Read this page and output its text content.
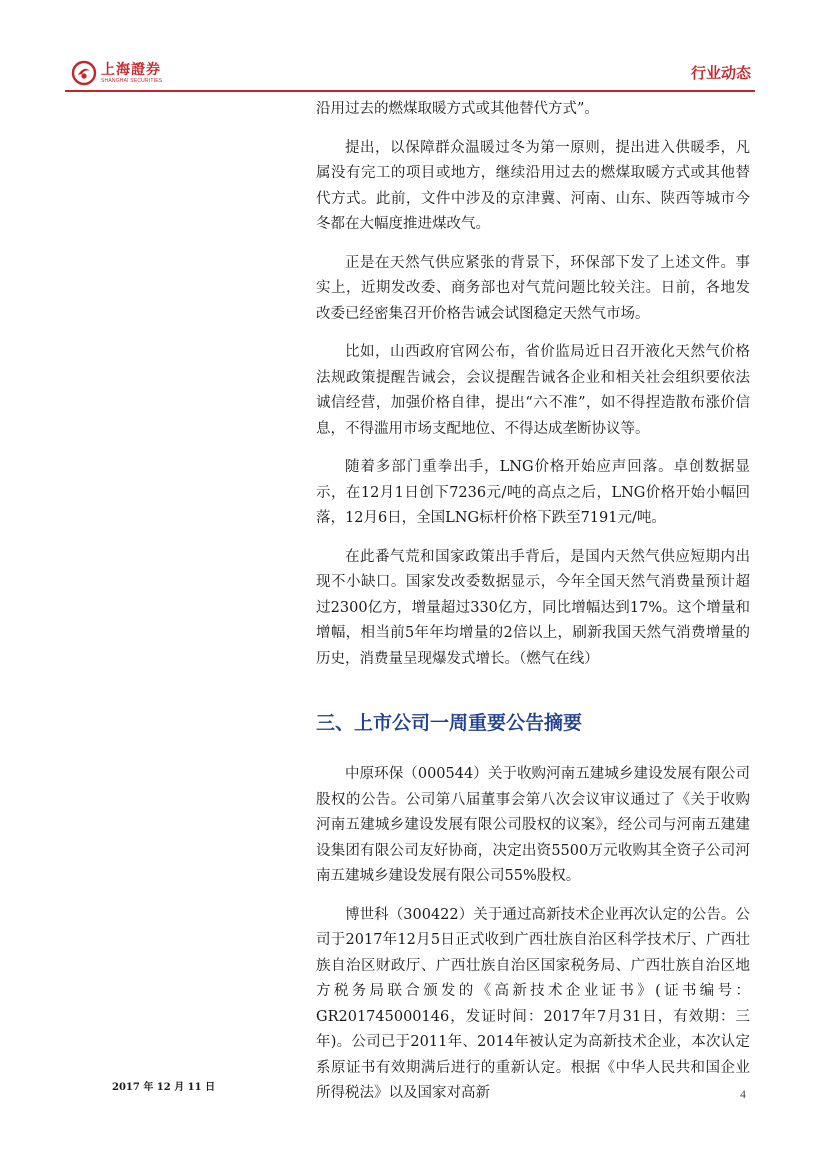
上海證券
SHANGHAI SECURITIES	行业动态

沿用过去的燃煤取暖方式或其他替代方式”。

提出，以保障群众温暖过冬为第一原则，提出进入供暖季，凡属没有完工的项目或地方，继续沿用过去的燃煤取暖方式或其他替代方式。此前，文件中涉及的京津冀、河南、山东、陕西等城市今冬都在大幅度推进煤改气。

正是在天然气供应紧张的背景下，环保部下发了上述文件。事实上，近期发改委、商务部也对气荒问题比较关注。日前，各地发改委已经密集召开价格告诫会试图稳定天然气市场。

比如，山西政府官网公布，省价监局近日召开液化天然气价格法规政策提醒告诫会，会议提醒告诫各企业和相关社会组织要依法诚信经营，加强价格自律，提出“六不准”，如不得捏造散布涨价信息，不得滥用市场支配地位、不得达成垄断协议等。

随着多部门重拳出手，LNG价格开始应声回落。卓创数据显示，在12月1日创下7236元/吨的高点之后，LNG价格开始小幅回落，12月6日，全国LNG标杆价格下跌至7191元/吨。

在此番气荒和国家政策出手背后，是国内天然气供应短期内出现不小缺口。国家发改委数据显示，今年全国天然气消费量预计超过2300亿方，增量超过330亿方，同比增幅达到17%。这个增量和增幅，相当前5年年均增量的2倍以上，刷新我国天然气消费增量的历史，消费量呈现爆发式增长。（燃气在线）

三、上市公司一周重要公告摘要

中原环保（000544）关于收购河南五建城乡建设发展有限公司股权的公告。公司第八届董事会第八次会议审议通过了《关于收购河南五建城乡建设发展有限公司股权的议案》，经公司与河南五建建设集团有限公司友好协商，决定出资5500万元收购其全资子公司河南五建城乡建设发展有限公司55%股权。

博世科（300422）关于通过高新技术企业再次认定的公告。公司于2017年12月5日正式收到广西壮族自治区科学技术厅、广西壮族自治区财政厅、广西壮族自治区国家税务局、广西壮族自治区地方税务局联合颁发的《高新技术企业证书》(证书编号：GR201745000146，发证时间：2017年7月31日，有效期：三年)。公司已于2011年、2014年被认定为高新技术企业，本次认定系原证书有效期满后进行的重新认定。根据《中华人民共和国企业所得税法》以及国家对高新

2017 年 12 月 11 日	4
